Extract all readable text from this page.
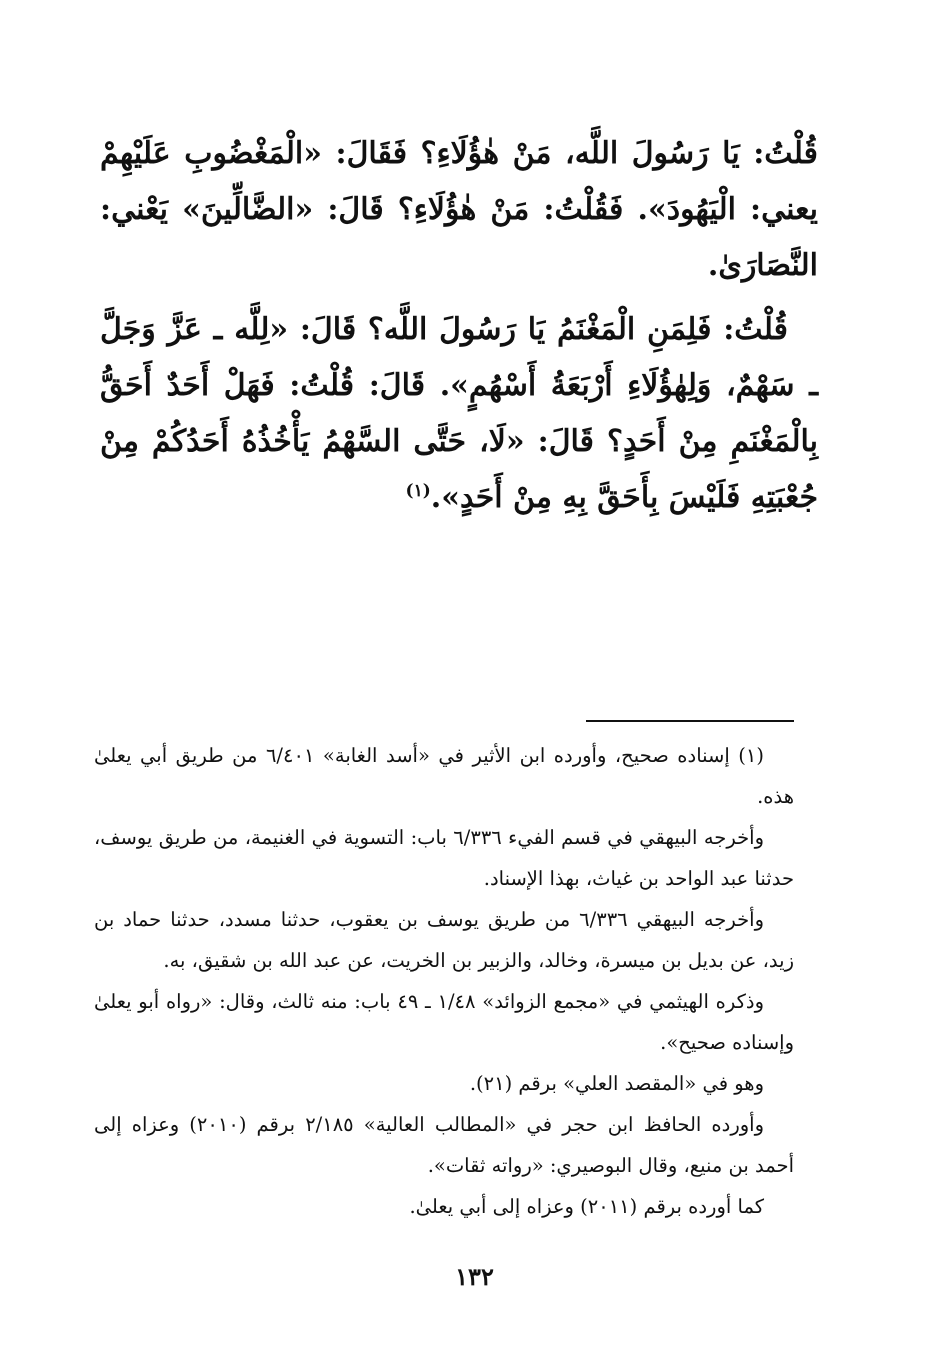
قُلْتُ: يَا رَسُولَ اللَّه، مَنْ هٰؤُلَاءِ؟ فَقَالَ: «الْمَغْضُوبِ عَلَيْهِمْ يعني: الْيَهُودَ». فَقُلْتُ: مَنْ هٰؤُلَاءِ؟ قَالَ: «الضَّالِّينَ» يَعْني: النَّصَارَىٰ.

قُلْتُ: فَلِمَنِ الْمَغْنَمُ يَا رَسُولَ اللَّه؟ قَالَ: «لِلَّه ـ عَزَّ وَجَلَّ ـ سَهْمٌ، وَلِهٰؤُلَاءِ أَرْبَعَةُ أَسْهُمٍ». قَالَ: قُلْتُ: فَهَلْ أَحَدٌ أَحَقُّ بِالْمَغْنَمِ مِنْ أَحَدٍ؟ قَالَ: «لَا، حَتَّى السَّهْمُ يَأْخُذُهُ أَحَدُكُمْ مِنْ جُعْبَتِهِ فَلَيْسَ بِأَحَقَّ بِهِ مِنْ أَحَدٍ».$^{(١)}$

(١) إسناده صحيح، وأورده ابن الأثير في «أسد الغابة» ٦/٤٠١ من طريق أبي يعلىٰ هذه.

وأخرجه البيهقي في قسم الفيء ٦/٣٣٦ باب: التسوية في الغنيمة، من طريق يوسف، حدثنا عبد الواحد بن غياث، بهذا الإسناد.

وأخرجه البيهقي ٦/٣٣٦ من طريق يوسف بن يعقوب، حدثنا مسدد، حدثنا حماد بن زيد، عن بديل بن ميسرة، وخالد، والزبير بن الخريت، عن عبد الله بن شقيق، به.

وذكره الهيثمي في «مجمع الزوائد» ١/٤٨ ـ ٤٩ باب: منه ثالث، وقال: «رواه أبو يعلىٰ وإسناده صحيح».

وهو في «المقصد العلي» برقم (٢١).

وأورده الحافظ ابن حجر في «المطالب العالية» ٢/١٨٥ برقم (٢٠١٠) وعزاه إلى أحمد بن منيع، وقال البوصيري: «رواته ثقات».

كما أورده برقم (٢٠١١) وعزاه إلى أبي يعلىٰ.

١٣٢
